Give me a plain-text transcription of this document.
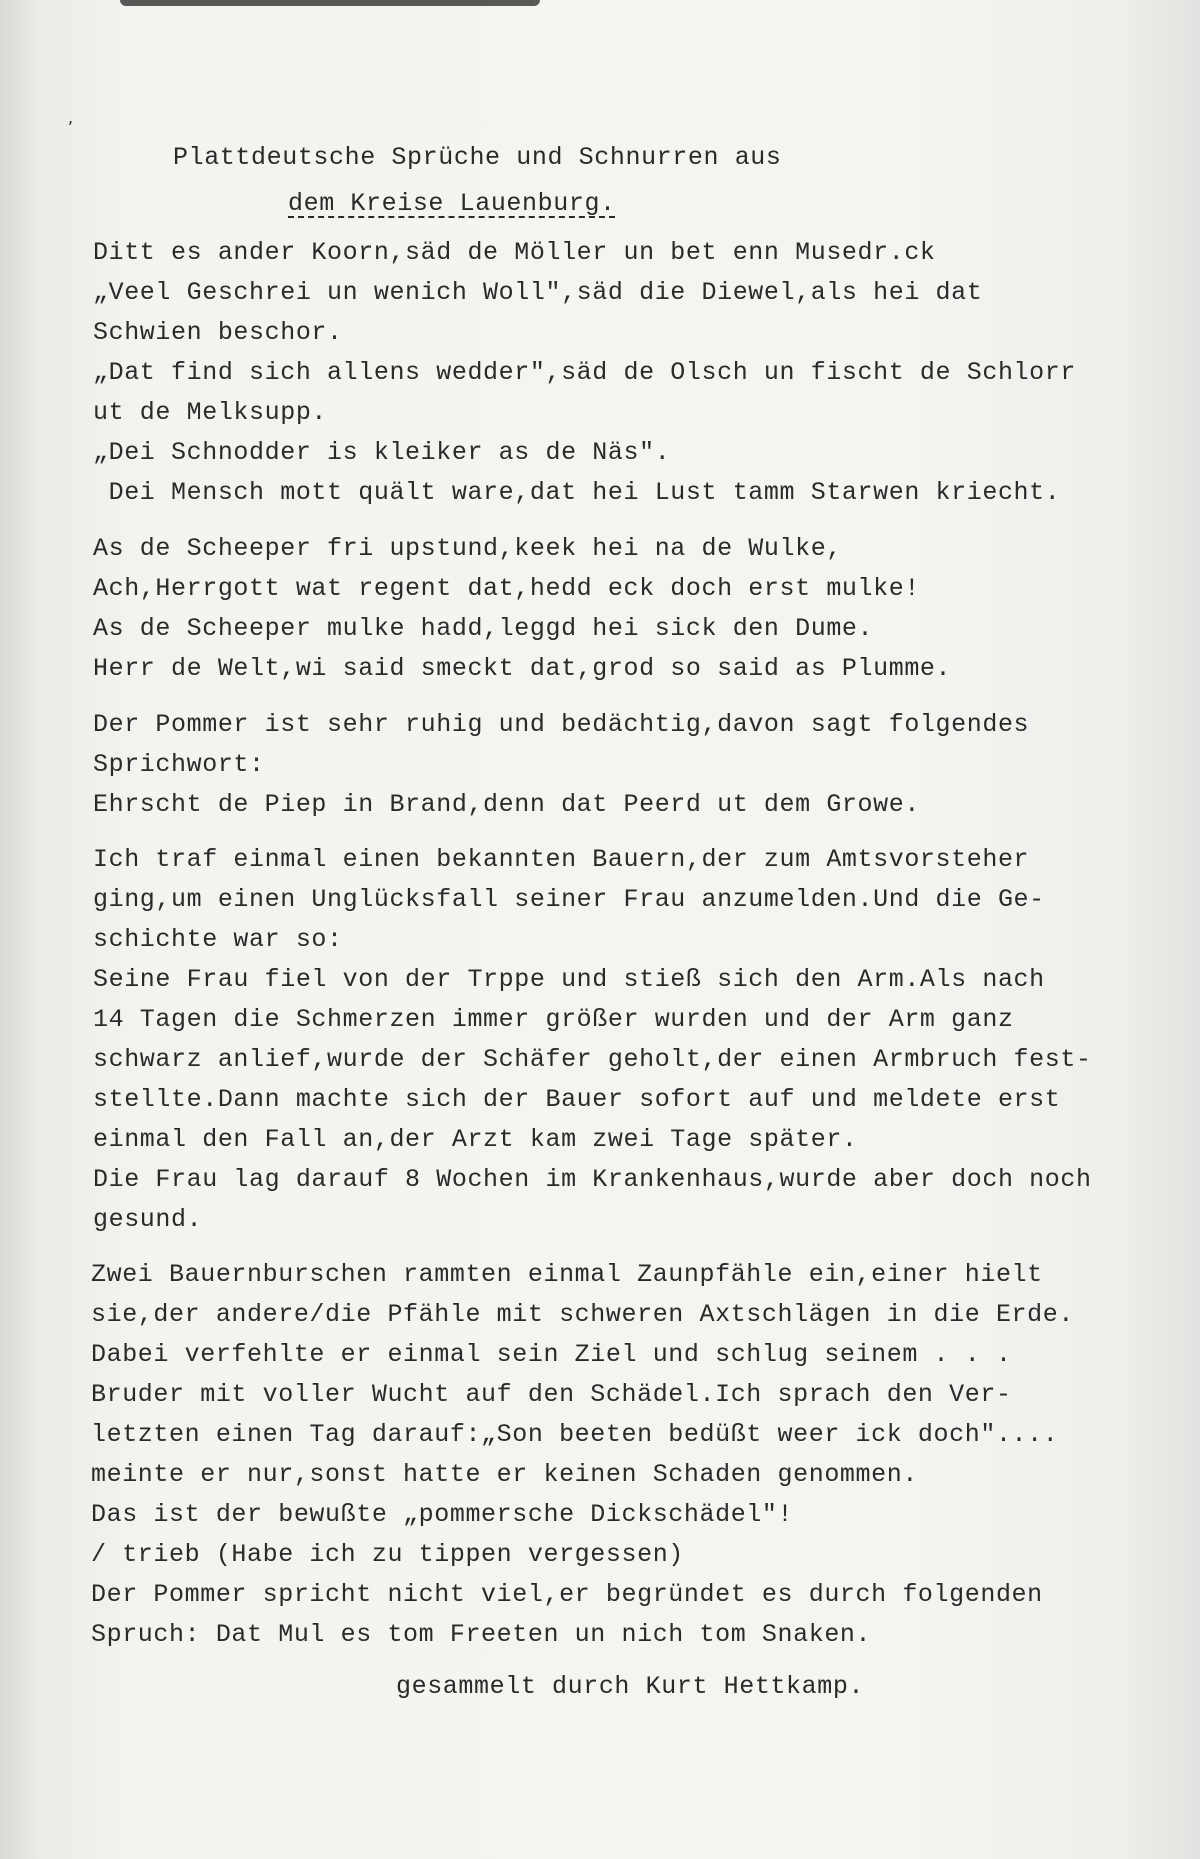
’
Plattdeutsche Sprüche und Schnurren aus
dem Kreise Lauenburg.
Ditt es ander Koorn,säd de Möller un bet enn Musedr.ck
„Veel Geschrei un wenich Woll",säd die Diewel,als hei dat
Schwien beschor.
„Dat find sich allens wedder",säd de Olsch un fischt de Schlorr
ut de Melksupp.
„Dei Schnodder is kleiker as de Näs".
Dei Mensch mott quält ware,dat hei Lust tamm Starwen kriecht.
As de Scheeper fri upstund,keek hei na de Wulke,
Ach,Herrgott wat regent dat,hedd eck doch erst mulke!
As de Scheeper mulke hadd,leggd hei sick den Dume.
Herr de Welt,wi said smeckt dat,grod so said as Plumme.
Der Pommer ist sehr ruhig und bedächtig,davon sagt folgendes
Sprichwort:
Ehrscht de Piep in Brand,denn dat Peerd ut dem Growe.
Ich traf einmal einen bekannten Bauern,der zum Amtsvorsteher
ging,um einen Unglücksfall seiner Frau anzumelden.Und die Ge-
schichte war so:
Seine Frau fiel von der Trppe und stieß sich den Arm.Als nach
14 Tagen die Schmerzen immer größer wurden und der Arm ganz
schwarz anlief,wurde der Schäfer geholt,der einen Armbruch fest-
stellte.Dann machte sich der Bauer sofort auf und meldete erst
einmal den Fall an,der Arzt kam zwei Tage später.
Die Frau lag darauf 8 Wochen im Krankenhaus,wurde aber doch noch
gesund.
Zwei Bauernburschen rammten einmal Zaunpfähle ein,einer hielt
sie,der andere/die Pfähle mit schweren Axtschlägen in die Erde.
Dabei verfehlte er einmal sein Ziel und schlug seinem . . .
Bruder mit voller Wucht auf den Schädel.Ich sprach den Ver-
letzten einen Tag darauf:„Son beeten bedüßt weer ick doch"....
meinte er nur,sonst hatte er keinen Schaden genommen.
Das ist der bewußte „pommersche Dickschädel"!
/ trieb (Habe ich zu tippen vergessen)
Der Pommer spricht nicht viel,er begründet es durch folgenden
Spruch: Dat Mul es tom Freeten un nich tom Snaken.
gesammelt durch Kurt Hettkamp.
